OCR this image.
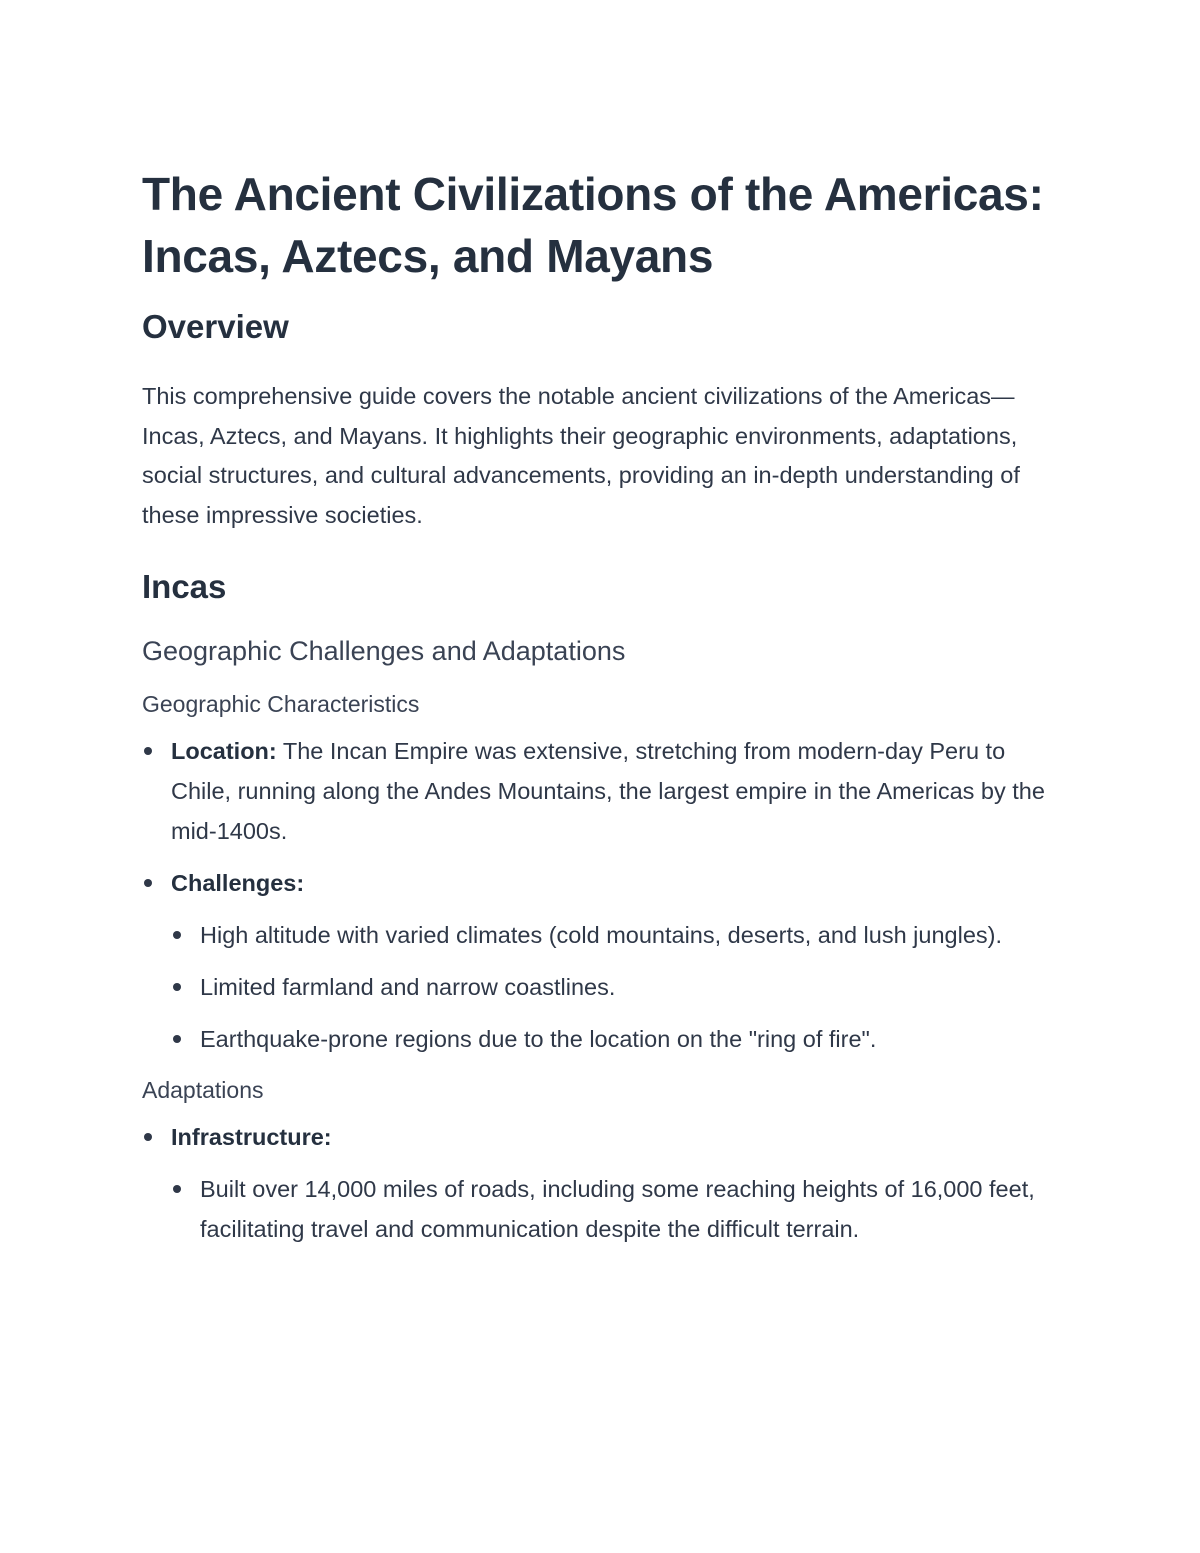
The Ancient Civilizations of the Americas: Incas, Aztecs, and Mayans
Overview

This comprehensive guide covers the notable ancient civilizations of the Americas—Incas, Aztecs, and Mayans. It highlights their geographic environments, adaptations, social structures, and cultural advancements, providing an in-depth understanding of these impressive societies.

Incas
Geographic Challenges and Adaptations
Geographic Characteristics
Location: The Incan Empire was extensive, stretching from modern-day Peru to Chile, running along the Andes Mountains, the largest empire in the Americas by the mid-1400s.
Challenges:
High altitude with varied climates (cold mountains, deserts, and lush jungles).
Limited farmland and narrow coastlines.
Earthquake-prone regions due to the location on the "ring of fire".
Adaptations
Infrastructure:
Built over 14,000 miles of roads, including some reaching heights of 16,000 feet, facilitating travel and communication despite the difficult terrain.
